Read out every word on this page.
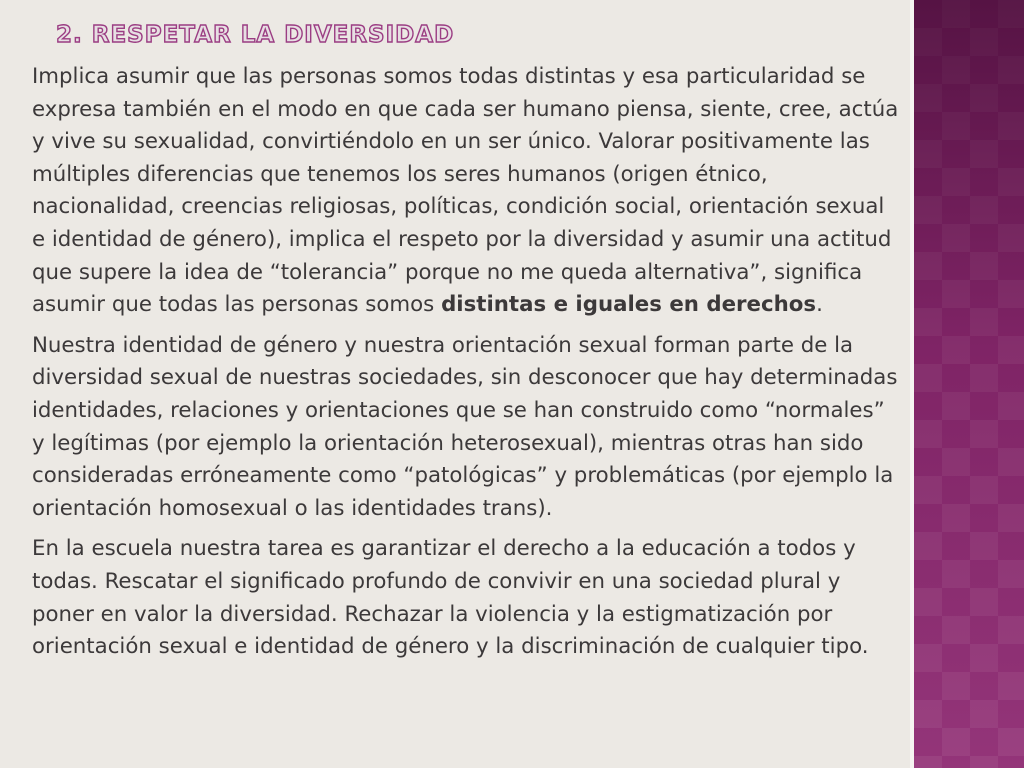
2. RESPETAR LA DIVERSIDAD

Implica asumir que las personas somos todas distintas y esa particularidad se expresa también en el modo en que cada ser humano piensa, siente, cree, actúa y vive su sexualidad, convirtiéndolo en un ser único. Valorar positivamente las múltiples diferencias que tenemos los seres humanos (origen étnico, nacionalidad, creencias religiosas, políticas, condición social, orientación sexual e identidad de género), implica el respeto por la diversidad y asumir una actitud que supere la idea de “tolerancia” porque no me queda alternativa”, significa asumir que todas las personas somos distintas e iguales en derechos.

Nuestra identidad de género y nuestra orientación sexual forman parte de la diversidad sexual de nuestras sociedades, sin desconocer que hay determinadas identidades, relaciones y orientaciones que se han construido como “normales” y legítimas (por ejemplo la orientación heterosexual), mientras otras han sido consideradas erróneamente como “patológicas” y problemáticas (por ejemplo la orientación homosexual o las identidades trans).

En la escuela nuestra tarea es garantizar el derecho a la educación a todos y todas. Rescatar el significado profundo de convivir en una sociedad plural y poner en valor la diversidad. Rechazar la violencia y la estigmatización por orientación sexual e identidad de género y la discriminación de cualquier tipo.
